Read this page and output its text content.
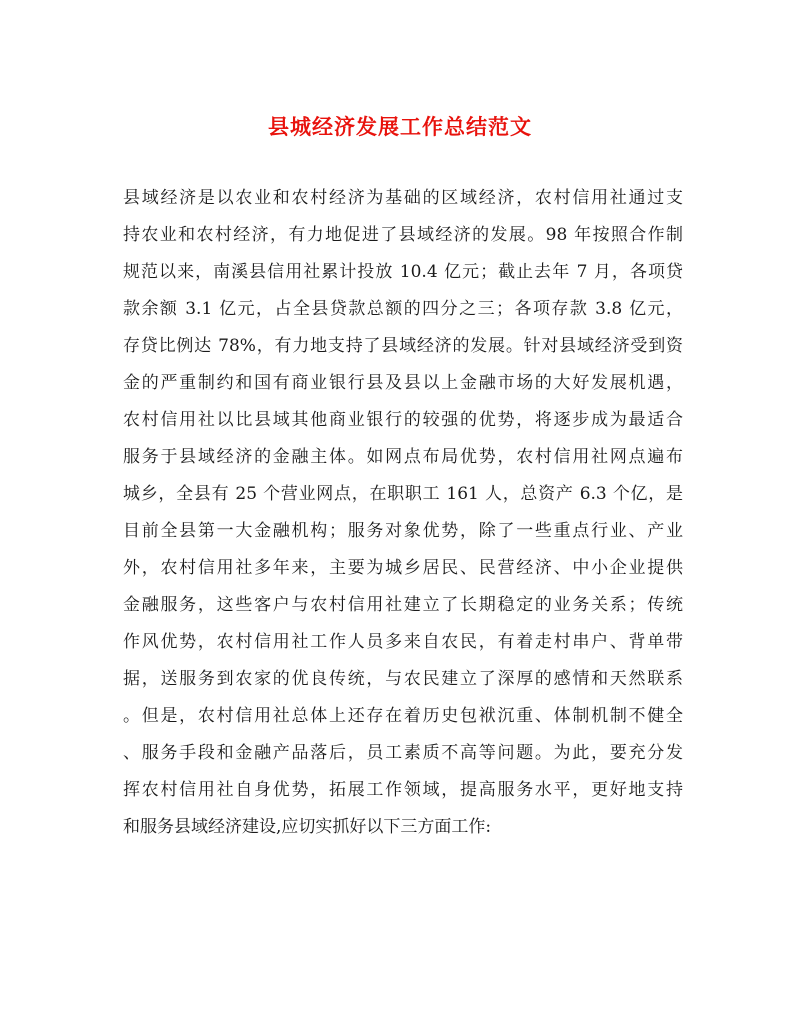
县城经济发展工作总结范文
县域经济是以农业和农村经济为基础的区域经济，农村信用社通过支
持农业和农村经济，有力地促进了县域经济的发展。98 年按照合作制
规范以来，南溪县信用社累计投放 10.4 亿元；截止去年 7 月，各项贷
款余额 3.1 亿元，占全县贷款总额的四分之三；各项存款 3.8 亿元，
存贷比例达 78%，有力地支持了县域经济的发展。针对县域经济受到资
金的严重制约和国有商业银行县及县以上金融市场的大好发展机遇，
农村信用社以比县域其他商业银行的较强的优势，将逐步成为最适合
服务于县域经济的金融主体。如网点布局优势，农村信用社网点遍布
城乡，全县有 25 个营业网点，在职职工 161 人，总资产 6.3 个亿，是
目前全县第一大金融机构；服务对象优势，除了一些重点行业、产业
外，农村信用社多年来，主要为城乡居民、民营经济、中小企业提供
金融服务，这些客户与农村信用社建立了长期稳定的业务关系；传统
作风优势，农村信用社工作人员多来自农民，有着走村串户、背单带
据，送服务到农家的优良传统，与农民建立了深厚的感情和天然联系
。但是，农村信用社总体上还存在着历史包袱沉重、体制机制不健全
、服务手段和金融产品落后，员工素质不高等问题。为此，要充分发
挥农村信用社自身优势，拓展工作领域，提高服务水平，更好地支持
和服务县域经济建设,应切实抓好以下三方面工作:
